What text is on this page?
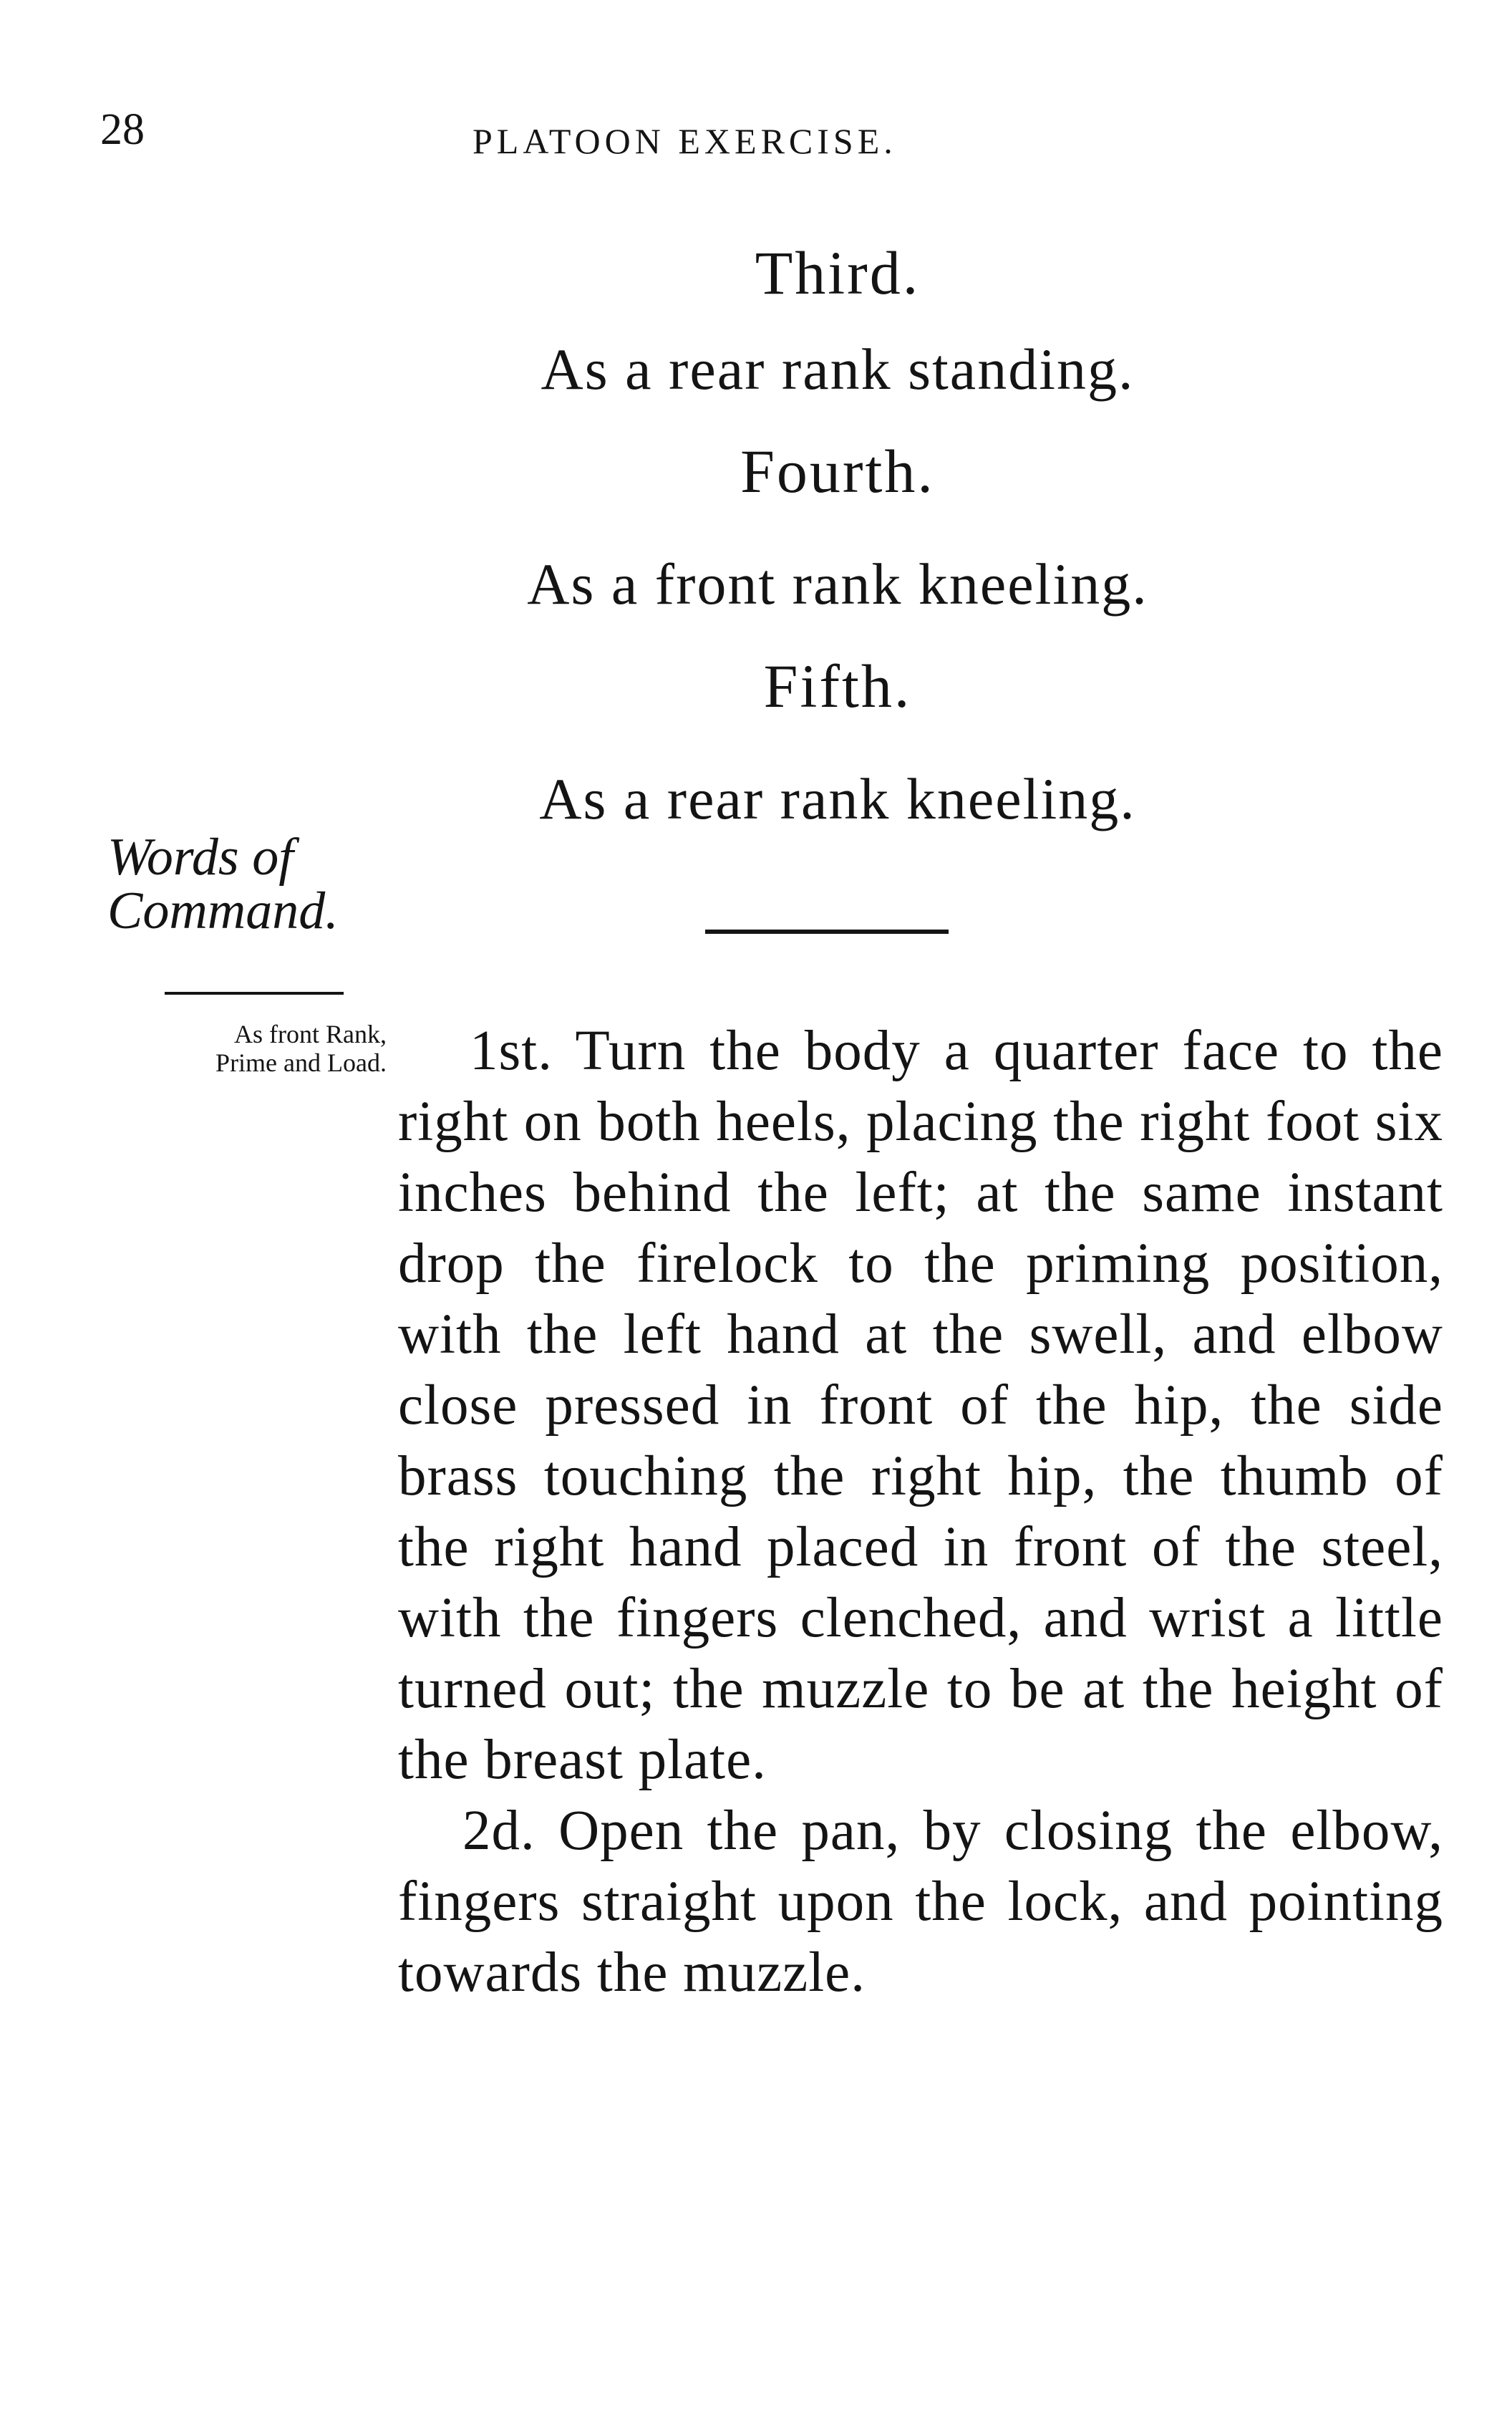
28	PLATOON EXERCISE.
Third.
As a rear rank standing.
Fourth.
As a front rank kneeling.
Fifth.
As a rear rank kneeling.
Words of
Command.
As front Rank,
Prime and Load.	1st. Turn the body a quarter face to the right on both heels, placing the right foot six inches behind the left; at the same instant drop the firelock to the priming position, with the left hand at the swell, and elbow close pressed in front of the hip, the side brass touching the right hip, the thumb of the right hand placed in front of the steel, with the fingers clenched, and wrist a little turned out; the muzzle to be at the height of the breast plate.

2d. Open the pan, by closing the elbow, fingers straight upon the lock, and pointing towards the muzzle.
